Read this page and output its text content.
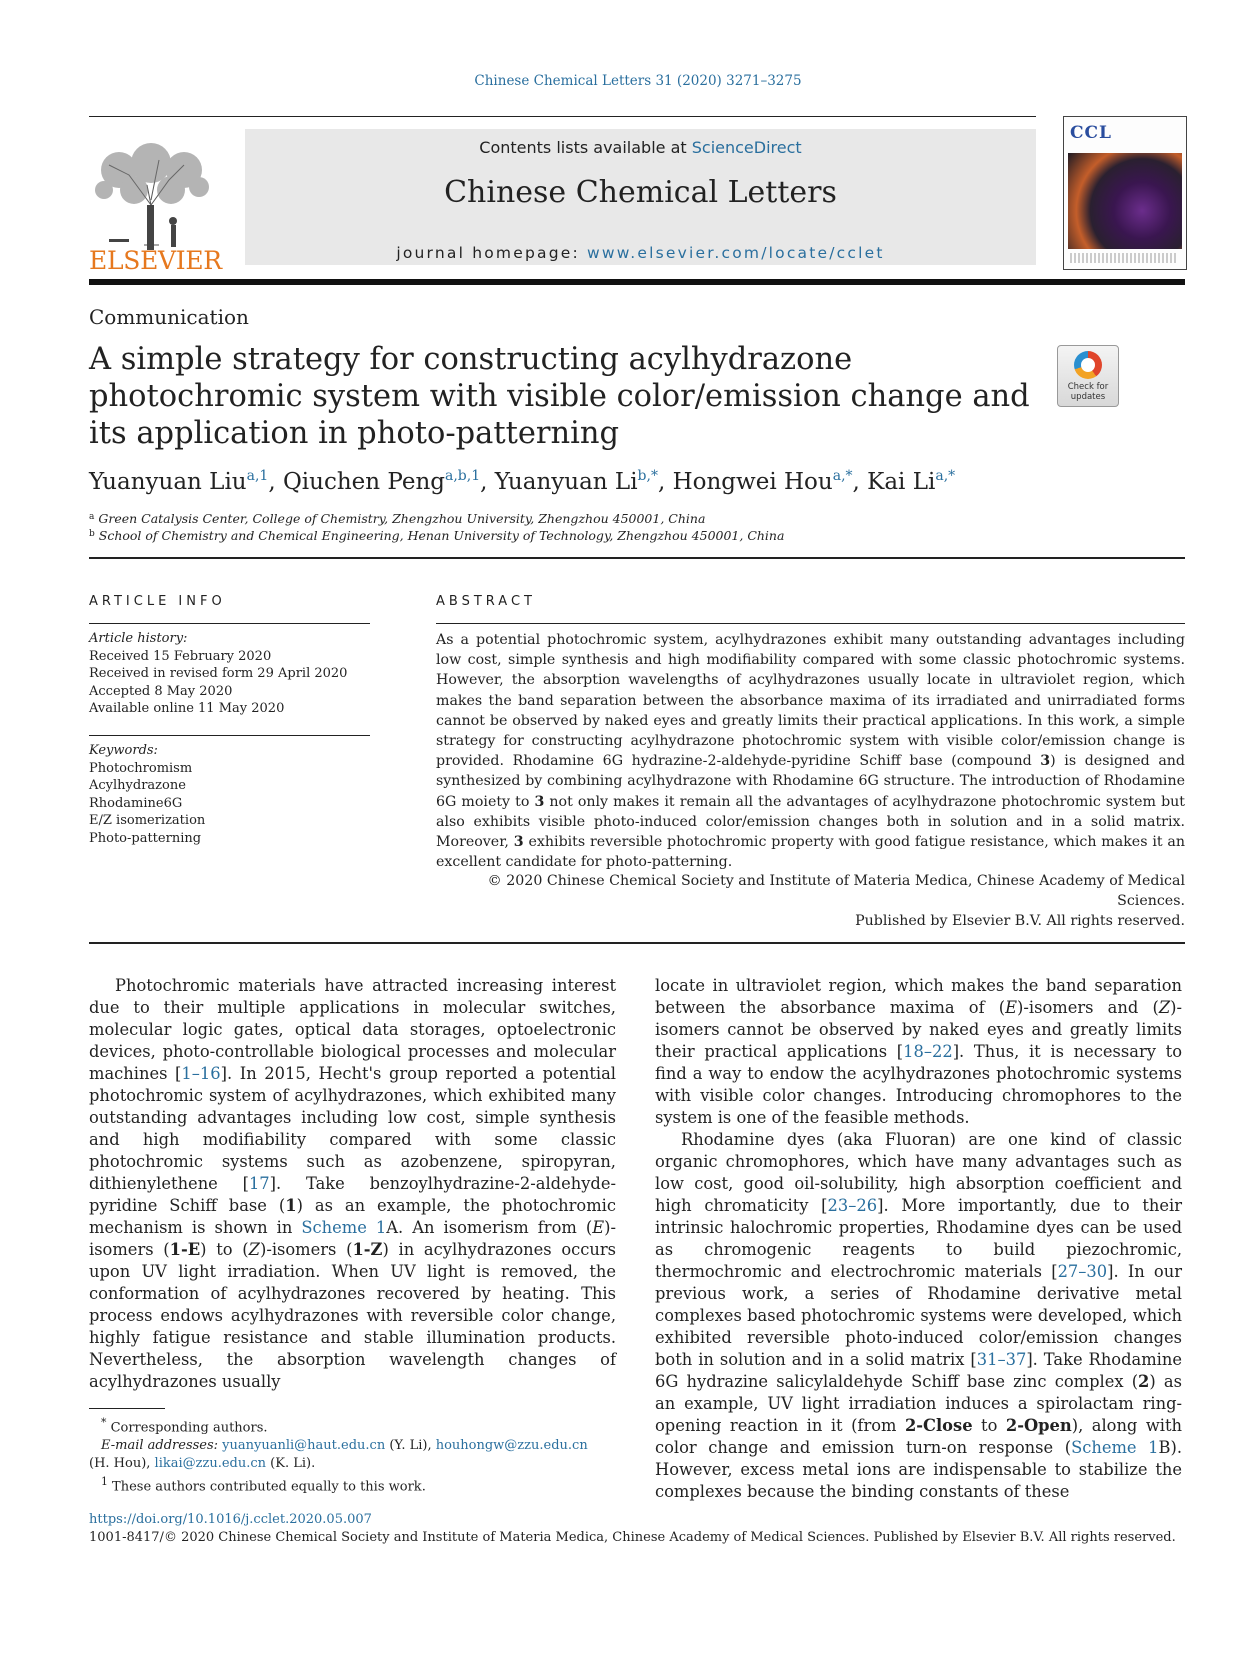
Chinese Chemical Letters 31 (2020) 3271–3275
ELSEVIER
Contents lists available at ScienceDirect
Chinese Chemical Letters
journal homepage: www.elsevier.com/locate/cclet
CCL
Communication
A simple strategy for constructing acylhydrazone photochromic system with visible color/emission change and its application in photo-patterning
Check for
updates
Yuanyuan Liu$^{a,1}$, Qiuchen Peng$^{a,b,1}$, Yuanyuan $Li^{b,*}$, Hongwei Hou$^{a,*}$, Kai $Li^{a,*}$
$^a$ Green Catalysis Center, College of Chemistry, Zhengzhou University, Zhengzhou 450001, China
$^b$ School of Chemistry and Chemical Engineering, Henan University of Technology, Zhengzhou 450001, China
ARTICLE INFO
Article history:
Received 15 February 2020
Received in revised form 29 April 2020
Accepted 8 May 2020
Available online 11 May 2020
Keywords:
Photochromism
Acylhydrazone
Rhodamine6G
E/Z isomerization
Photo-patterning
ABSTRACT
As a potential photochromic system, acylhydrazones exhibit many outstanding advantages including low cost, simple synthesis and high modifiability compared with some classic photochromic systems. However, the absorption wavelengths of acylhydrazones usually locate in ultraviolet region, which makes the band separation between the absorbance maxima of its irradiated and unirradiated forms cannot be observed by naked eyes and greatly limits their practical applications. In this work, a simple strategy for constructing acylhydrazone photochromic system with visible color/emission change is provided. Rhodamine 6G hydrazine-2-aldehyde-pyridine Schiff base (compound 3) is designed and synthesized by combining acylhydrazone with Rhodamine 6G structure. The introduction of Rhodamine 6G moiety to 3 not only makes it remain all the advantages of acylhydrazone photochromic system but also exhibits visible photo-induced color/emission changes both in solution and in a solid matrix. Moreover, 3 exhibits reversible photochromic property with good fatigue resistance, which makes it an excellent candidate for photo-patterning.
© 2020 Chinese Chemical Society and Institute of Materia Medica, Chinese Academy of Medical Sciences.
Published by Elsevier B.V. All rights reserved.

Photochromic materials have attracted increasing interest due to their multiple applications in molecular switches, molecular logic gates, optical data storages, optoelectronic devices, photo-controllable biological processes and molecular machines [1–16]. In 2015, Hecht's group reported a potential photochromic system of acylhydrazones, which exhibited many outstanding advantages including low cost, simple synthesis and high modifiability compared with some classic photochromic systems such as azobenzene, spiropyran, dithienylethene [17]. Take benzoylhydrazine-2-aldehyde-pyridine Schiff base (1) as an example, the photochromic mechanism is shown in Scheme 1A. An isomerism from (E)-isomers (1-E) to (Z)-isomers (1-Z) in acylhydrazones occurs upon UV light irradiation. When UV light is removed, the conformation of acylhydrazones recovered by heating. This process endows acylhydrazones with reversible color change, highly fatigue resistance and stable illumination products. Nevertheless, the absorption wavelength changes of acylhydrazones usually

locate in ultraviolet region, which makes the band separation between the absorbance maxima of (E)-isomers and (Z)-isomers cannot be observed by naked eyes and greatly limits their practical applications [18–22]. Thus, it is necessary to find a way to endow the acylhydrazones photochromic systems with visible color changes. Introducing chromophores to the system is one of the feasible methods.

Rhodamine dyes (aka Fluoran) are one kind of classic organic chromophores, which have many advantages such as low cost, good oil-solubility, high absorption coefficient and high chromaticity [23–26]. More importantly, due to their intrinsic halochromic properties, Rhodamine dyes can be used as chromogenic reagents to build piezochromic, thermochromic and electrochromic materials [27–30]. In our previous work, a series of Rhodamine derivative metal complexes based photochromic systems were developed, which exhibited reversible photo-induced color/emission changes both in solution and in a solid matrix [31–37]. Take Rhodamine 6G hydrazine salicylaldehyde Schiff base zinc complex (2) as an example, UV light irradiation induces a spirolactam ring-opening reaction in it (from 2-Close to 2-Open), along with color change and emission turn-on response (Scheme 1B). However, excess metal ions are indispensable to stabilize the complexes because the binding constants of these

* Corresponding authors.

E-mail addresses: yuanyuanli@haut.edu.cn (Y. Li), houhongw@zzu.edu.cn

(H. Hou), likai@zzu.edu.cn (K. Li).

$^1$ These authors contributed equally to this work.

https://doi.org/10.1016/j.cclet.2020.05.007
1001-8417/© 2020 Chinese Chemical Society and Institute of Materia Medica, Chinese Academy of Medical Sciences. Published by Elsevier B.V. All rights reserved.
